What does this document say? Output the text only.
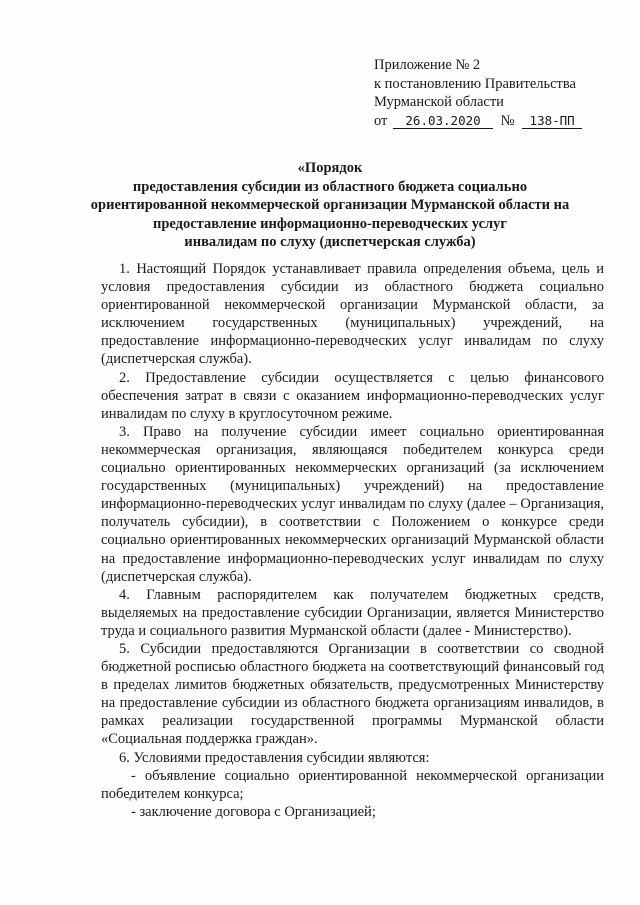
Приложение № 2
к постановлению Правительства
Мурманской области
от 26.03.2020 № 138-ПП
«Порядок
предоставления субсидии из областного бюджета социально
ориентированной некоммерческой организации Мурманской области на
предоставление информационно-переводческих услуг
инвалидам по слуху (диспетчерская служба)

1. Настоящий Порядок устанавливает правила определения объема, цель и условия предоставления субсидии из областного бюджета социально ориентированной некоммерческой организации Мурманской области, за исключением государственных (муниципальных) учреждений, на предоставление информационно-переводческих услуг инвалидам по слуху (диспетчерская служба).

2. Предоставление субсидии осуществляется с целью финансового обеспечения затрат в связи с оказанием информационно-переводческих услуг инвалидам по слуху в круглосуточном режиме.

3. Право на получение субсидии имеет социально ориентированная некоммерческая организация, являющаяся победителем конкурса среди социально ориентированных некоммерческих организаций (за исключением государственных (муниципальных) учреждений) на предоставление информационно-переводческих услуг инвалидам по слуху (далее – Организация, получатель субсидии), в соответствии с Положением о конкурсе среди социально ориентированных некоммерческих организаций Мурманской области на предоставление информационно-переводческих услуг инвалидам по слуху (диспетчерская служба).

4. Главным распорядителем как получателем бюджетных средств, выделяемых на предоставление субсидии Организации, является Министерство труда и социального развития Мурманской области (далее - Министерство).

5. Субсидии предоставляются Организации в соответствии со сводной бюджетной росписью областного бюджета на соответствующий финансовый год в пределах лимитов бюджетных обязательств, предусмотренных Министерству на предоставление субсидии из областного бюджета организациям инвалидов, в рамках реализации государственной программы Мурманской области «Социальная поддержка граждан».

6. Условиями предоставления субсидии являются:

- объявление социально ориентированной некоммерческой организации победителем конкурса;

- заключение договора с Организацией;
